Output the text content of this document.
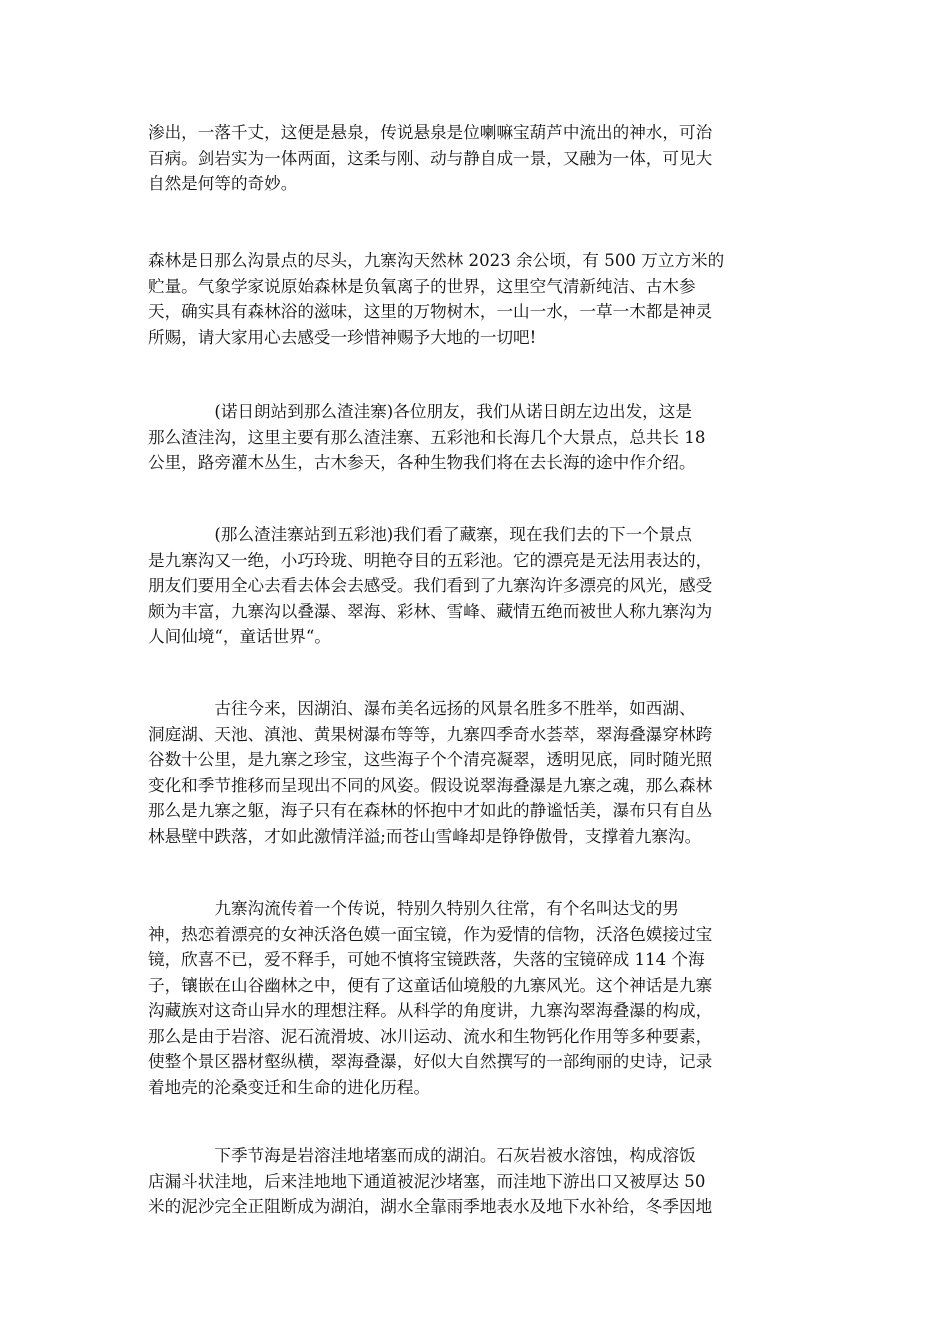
渗出，一落千丈，这便是悬泉，传说悬泉是位喇嘛宝葫芦中流出的神水，可治
百病。剑岩实为一体两面，这柔与刚、动与静自成一景，又融为一体，可见大
自然是何等的奇妙。

森林是日那么沟景点的尽头，九寨沟天然林 2023 余公顷，有 500 万立方米的
贮量。气象学家说原始森林是负氧离子的世界，这里空气清新纯洁、古木参
天，确实具有森林浴的滋味，这里的万物树木，一山一水，一草一木都是神灵
所赐，请大家用心去感受一珍惜神赐予大地的一切吧!

　　　　(诺日朗站到那么渣洼寨)各位朋友，我们从诺日朗左边出发，这是
那么渣洼沟，这里主要有那么渣洼寨、五彩池和长海几个大景点，总共长 18
公里，路旁灌木丛生，古木参天，各种生物我们将在去长海的途中作介绍。

　　　　(那么渣洼寨站到五彩池)我们看了藏寨，现在我们去的下一个景点
是九寨沟又一绝，小巧玲珑、明艳夺目的五彩池。它的漂亮是无法用表达的，
朋友们要用全心去看去体会去感受。我们看到了九寨沟许多漂亮的风光，感受
颇为丰富，九寨沟以叠瀑、翠海、彩林、雪峰、藏情五绝而被世人称九寨沟为
人间仙境“，童话世界“。

　　　　古往今来，因湖泊、瀑布美名远扬的风景名胜多不胜举，如西湖、
洞庭湖、天池、滇池、黄果树瀑布等等，九寨四季奇水荟萃，翠海叠瀑穿林跨
谷数十公里，是九寨之珍宝，这些海子个个清亮凝翠，透明见底，同时随光照
变化和季节推移而呈现出不同的风姿。假设说翠海叠瀑是九寨之魂，那么森林
那么是九寨之躯，海子只有在森林的怀抱中才如此的静谧恬美，瀑布只有自丛
林悬壁中跌落，才如此激情洋溢;而苍山雪峰却是铮铮傲骨，支撑着九寨沟。

　　　　九寨沟流传着一个传说，特别久特别久往常，有个名叫达戈的男
神，热恋着漂亮的女神沃洛色嫫一面宝镜，作为爱情的信物，沃洛色嫫接过宝
镜，欣喜不已，爱不释手，可她不慎将宝镜跌落，失落的宝镜碎成 114 个海
子，镶嵌在山谷幽林之中，便有了这童话仙境般的九寨风光。这个神话是九寨
沟藏族对这奇山异水的理想注释。从科学的角度讲，九寨沟翠海叠瀑的构成，
那么是由于岩溶、泥石流滑坡、冰川运动、流水和生物钙化作用等多种要素，
使整个景区器材壑纵横，翠海叠瀑，好似大自然撰写的一部绚丽的史诗，记录
着地壳的沦桑变迁和生命的进化历程。

　　　　下季节海是岩溶洼地堵塞而成的湖泊。石灰岩被水溶蚀，构成溶饭
店漏斗状洼地，后来洼地地下通道被泥沙堵塞，而洼地下游出口又被厚达 50
米的泥沙完全正阻断成为湖泊，湖水全靠雨季地表水及地下水补给，冬季因地
